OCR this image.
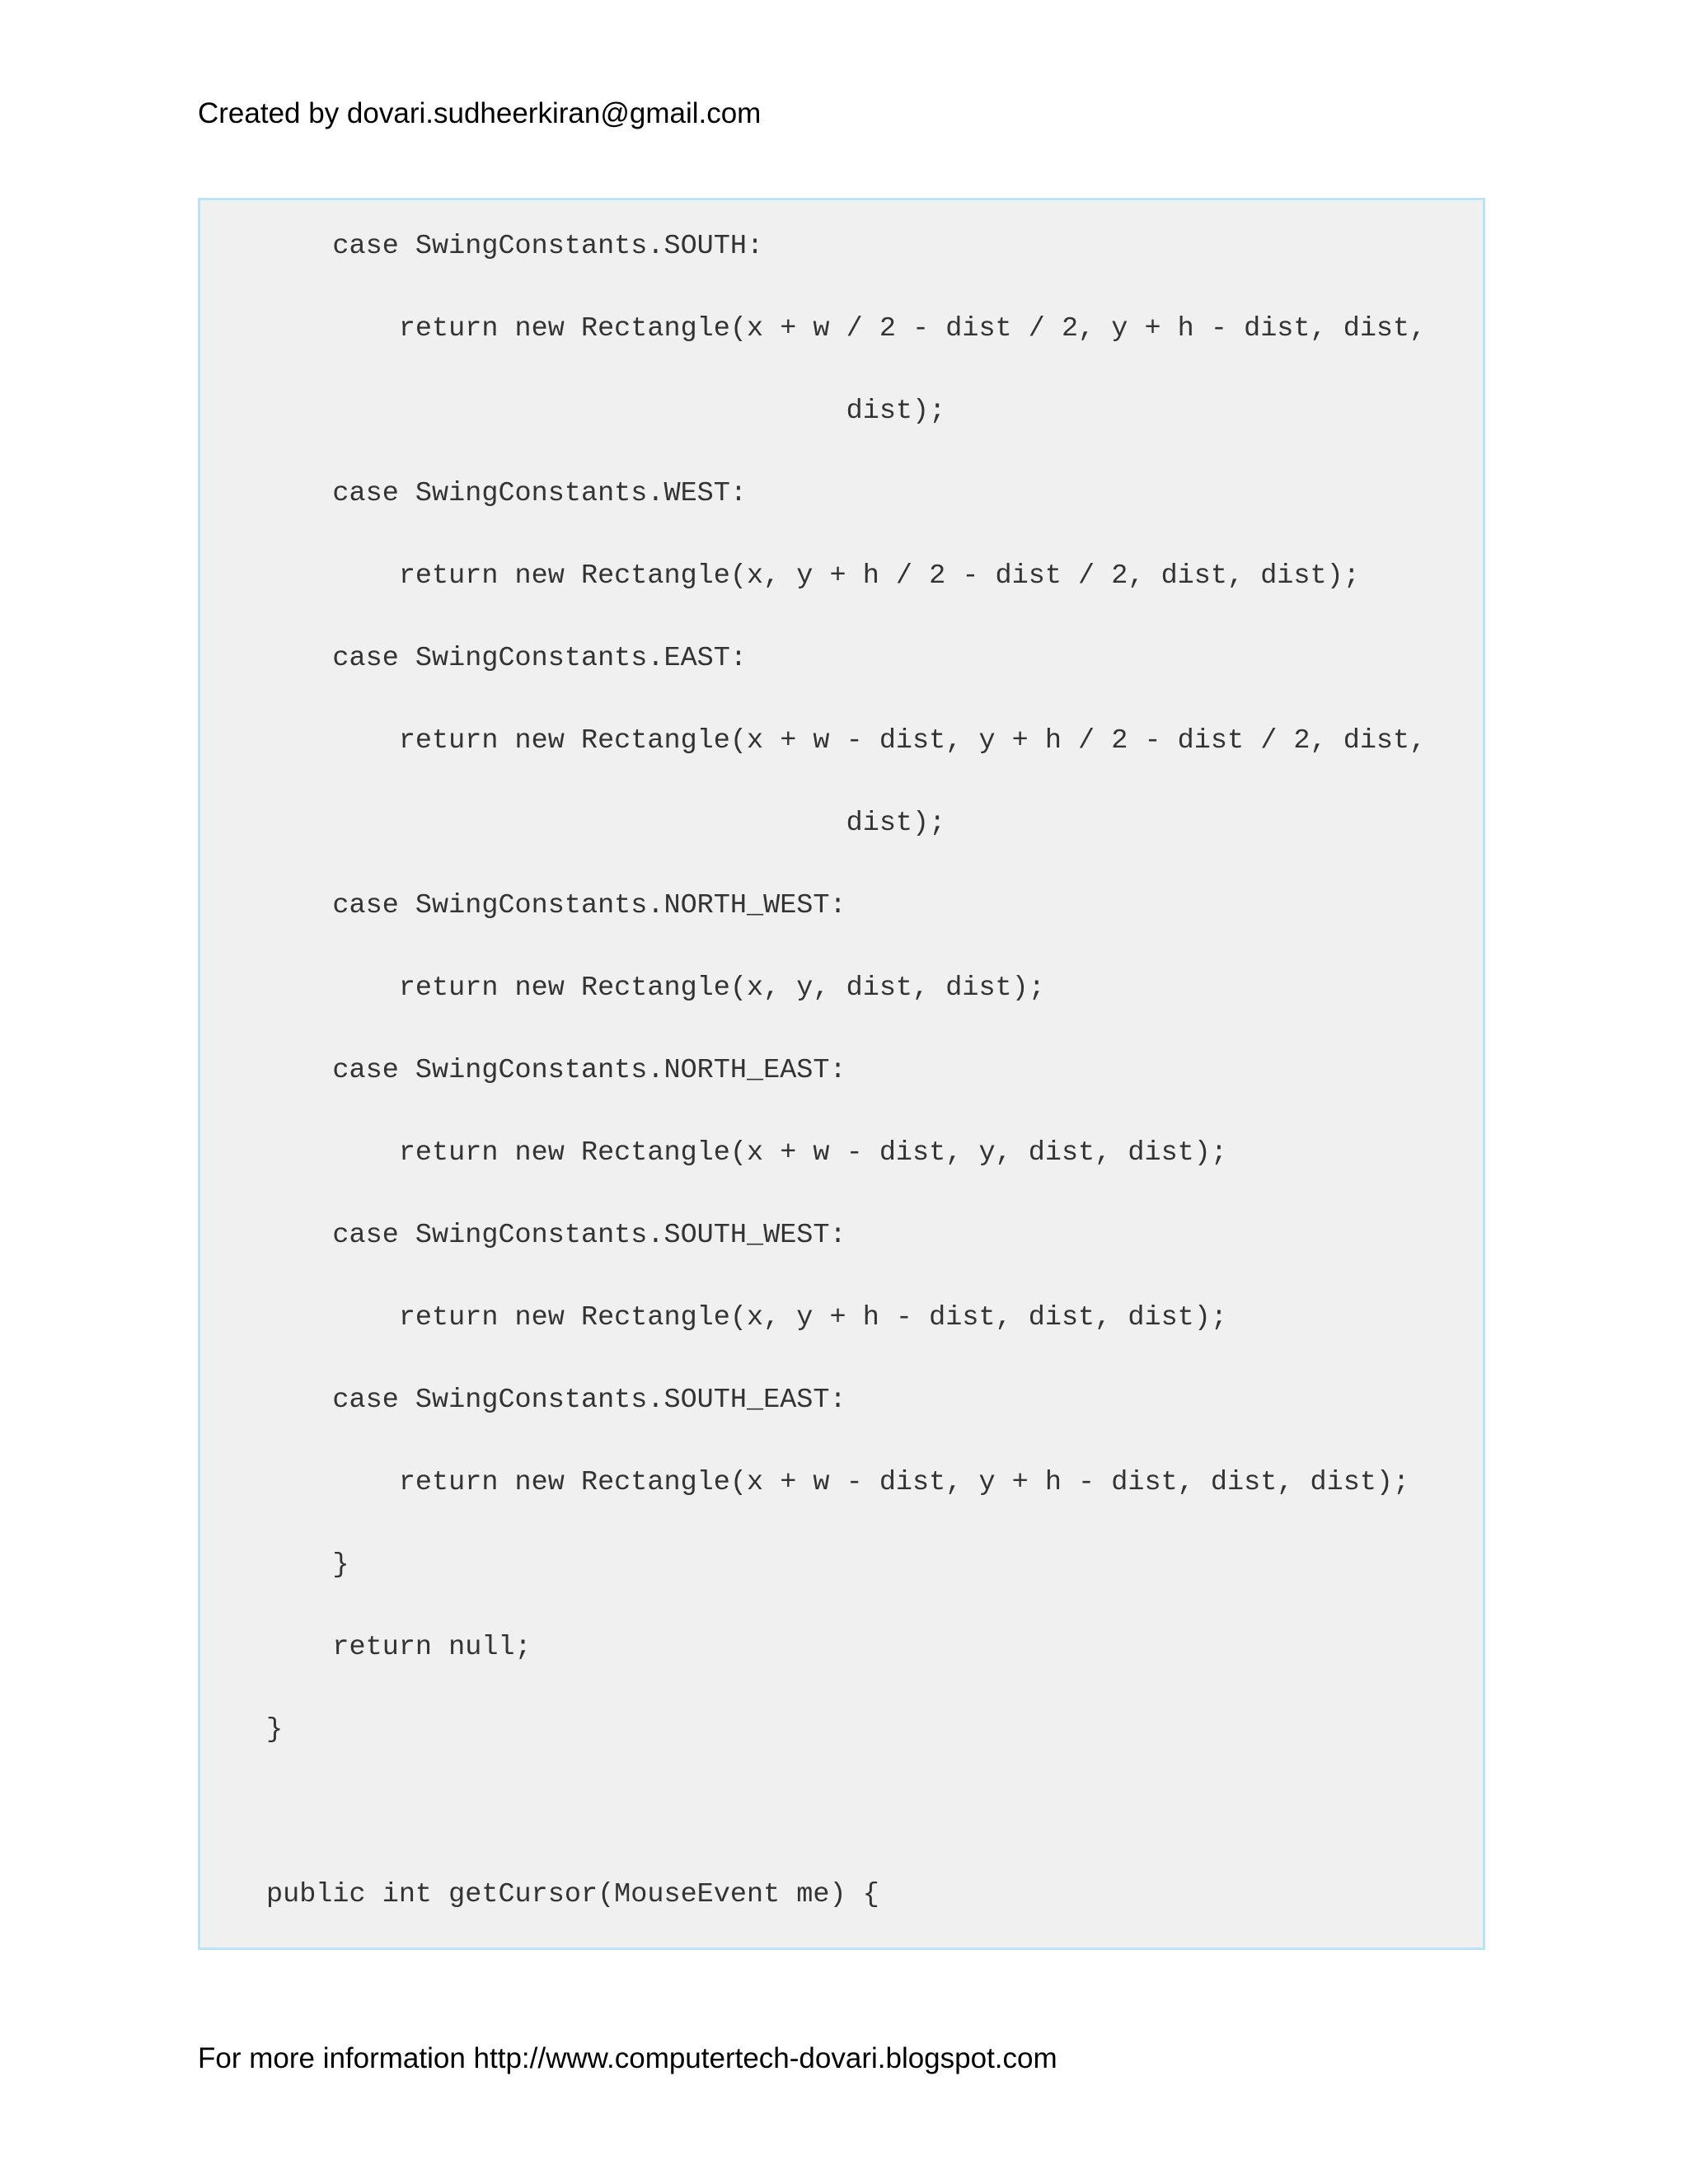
Created by dovari.sudheerkiran@gmail.com
case SwingConstants.SOUTH:
return new Rectangle(x + w / 2 - dist / 2, y + h - dist, dist,
dist);
case SwingConstants.WEST:
return new Rectangle(x, y + h / 2 - dist / 2, dist, dist);
case SwingConstants.EAST:
return new Rectangle(x + w - dist, y + h / 2 - dist / 2, dist,
dist);
case SwingConstants.NORTH_WEST:
return new Rectangle(x, y, dist, dist);
case SwingConstants.NORTH_EAST:
return new Rectangle(x + w - dist, y, dist, dist);
case SwingConstants.SOUTH_WEST:
return new Rectangle(x, y + h - dist, dist, dist);
case SwingConstants.SOUTH_EAST:
return new Rectangle(x + w - dist, y + h - dist, dist, dist);
}
return null;
}
public int getCursor(MouseEvent me) {
For more information http://www.computertech-dovari.blogspot.com
